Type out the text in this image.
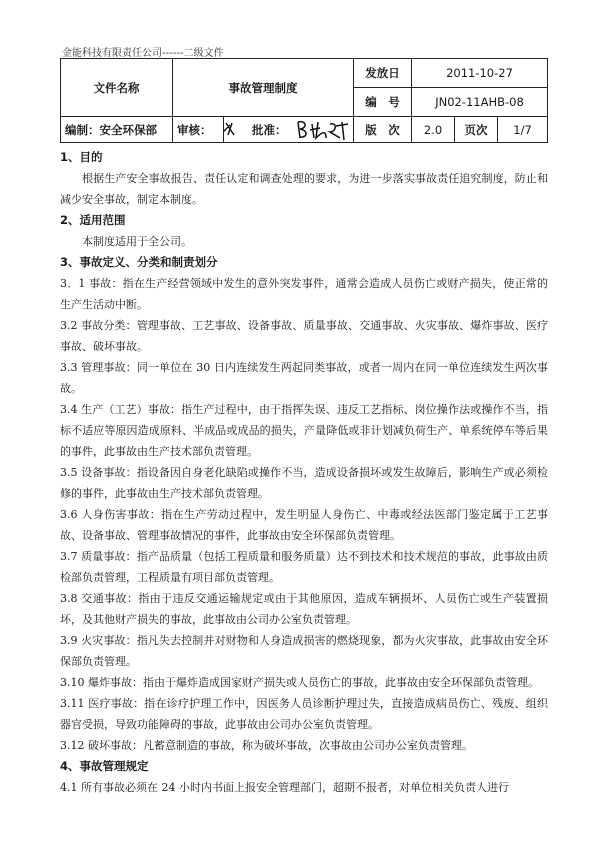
金能科技有限责任公司------二级文件
文件名称	事故管理制度		发放日	2011-10-27		
			编　号	JN02-11AHB-08		
编制：安全环保部	审核：	批准：	版　次	2.0	页次	1/7
1、目的

根据生产安全事故报告、责任认定和调查处理的要求，为进一步落实事故责任追究制度，防止和减少安全事故，制定本制度。

2、适用范围

本制度适用于全公司。

3、事故定义、分类和制责划分

3．1 事故：指在生产经营领域中发生的意外突发事件，通常会造成人员伤亡或财产损失，使正常的生产生活动中断。

3.2 事故分类：管理事故、工艺事故、设备事故、质量事故、交通事故、火灾事故、爆炸事故、医疗事故、破坏事故。

3.3 管理事故：同一单位在 30 日内连续发生两起同类事故，或者一周内在同一单位连续发生两次事故。

3.4 生产（工艺）事故：指生产过程中，由于指挥失误、违反工艺指标、岗位操作法或操作不当，指标不适应等原因造成原料、半成品或成品的损失，产量降低或非计划减负荷生产、单系统停车等后果的事件，此事故由生产技术部负责管理。

3.5 设备事故：指设备因自身老化缺陷或操作不当，造成设备损坏或发生故障后，影响生产或必须检修的事件，此事故由生产技术部负责管理。

3.6 人身伤害事故：指在生产劳动过程中，发生明显人身伤亡、中毒或经法医部门鉴定属于工艺事故、设备事故、管理事故情况的事件，此事故由安全环保部负责管理。

3.7 质量事故：指产品质量（包括工程质量和服务质量）达不到技术和技术规范的事故，此事故由质检部负责管理，工程质量有项目部负责管理。

3.8 交通事故：指由于违反交通运输规定或由于其他原因，造成车辆损坏、人员伤亡或生产装置损坏，及其他财产损失的事故，此事故由公司办公室负责管理。

3.9 火灾事故：指凡失去控制并对财物和人身造成损害的燃烧现象，都为火灾事故，此事故由安全环保部负责管理。

3.10 爆炸事故：指由于爆炸造成国家财产损失或人员伤亡的事故，此事故由安全环保部负责管理。

3.11 医疗事故：指在诊疗护理工作中，因医务人员诊断护理过失，直接造成病员伤亡、残废、组织器官受损，导致功能障碍的事故，此事故由公司办公室负责管理。

3.12 破坏事故：凡蓄意制造的事故，称为破坏事故，次事故由公司办公室负责管理。

4、事故管理规定

4.1 所有事故必须在 24 小时内书面上报安全管理部门，超期不报者，对单位相关负责人进行
